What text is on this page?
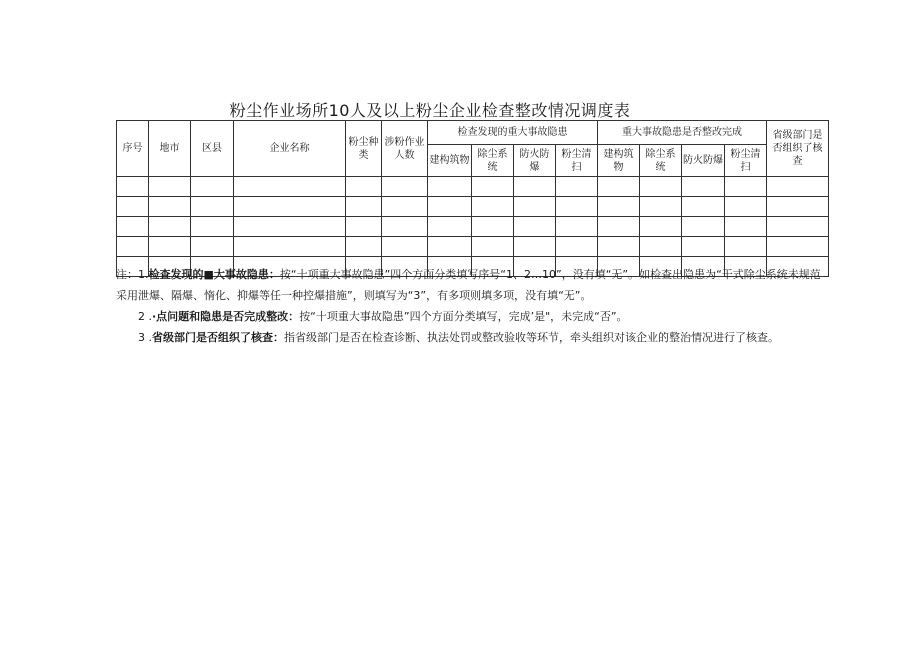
粉尘作业场所10人及以上粉尘企业检查整改情况调度表
序号	地市	区县	企业名称	粉尘种类	涉粉作业人数	检查发现的重大事故隐患				重大事故隐患是否整改完成				省级部门是否组织了核查
						建构筑物	除尘系统	防火防爆	粉尘清扫	建构筑物	除尘系统	防火防爆	粉尘清扫	

注：1.检查发现的■大事故隐患：按“十项重大事故隐患”四个方面分类填写序号“1、2…10”，没有填“无”。如检查出隐患为“干式除尘系统未规范采用泄爆、隔爆、惰化、抑爆等任一种控爆措施”，则填写为“3”，有多项则填多项，没有填“无”。

2 .·点问题和隐患是否完成整改：按“十项重大事故隐患”四个方面分类填写，完成’是"，未完成“否”。

3 .省级部门是否组织了核查：指省级部门是否在检查诊断、执法处罚或整改验收等环节，牵头组织对该企业的整治情况进行了核查。
